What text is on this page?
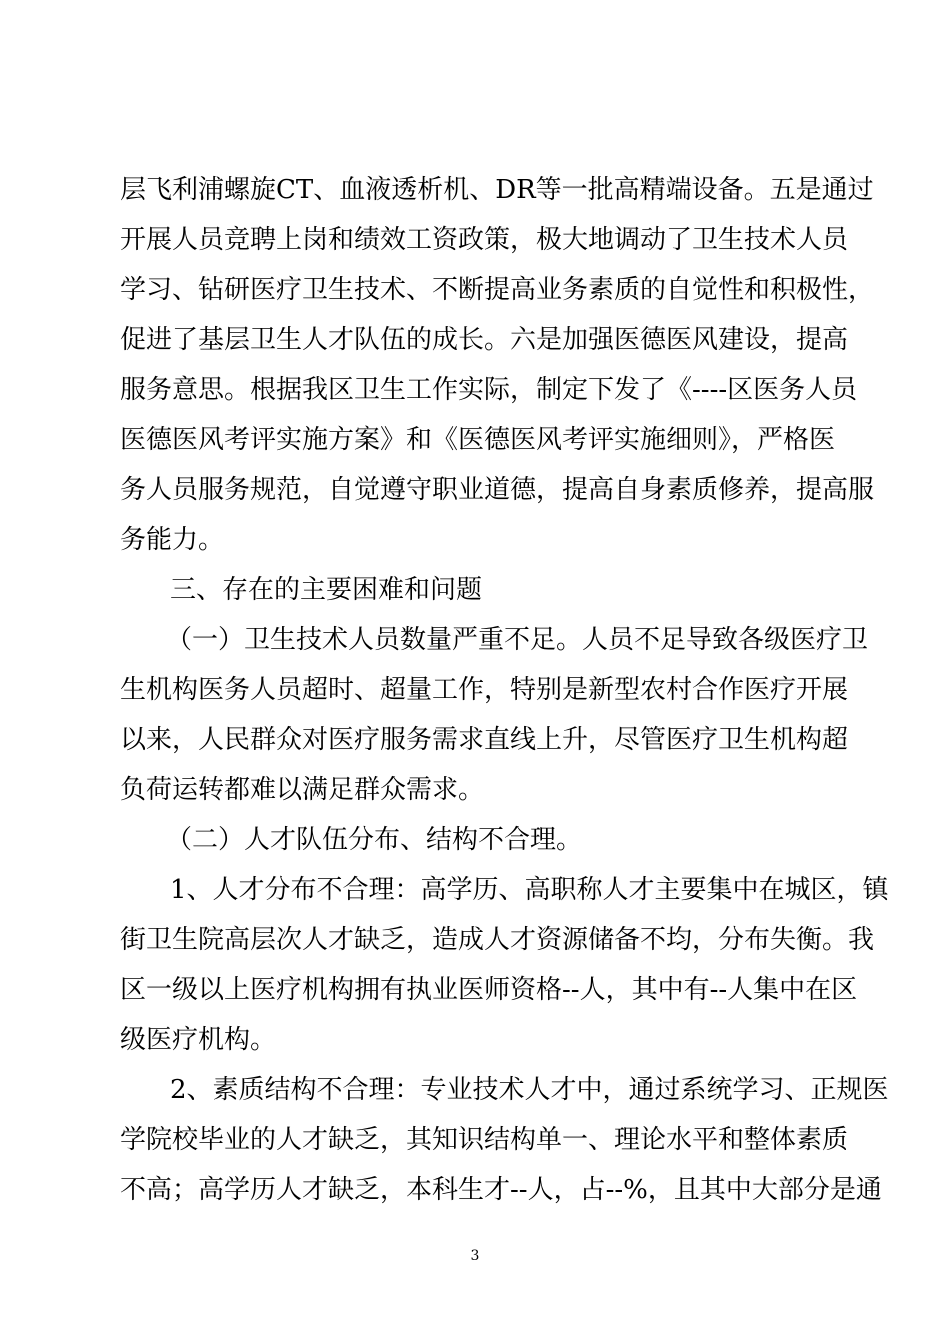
层飞利浦螺旋CT、血液透析机、DR等一批高精端设备。五是通过
开展人员竞聘上岗和绩效工资政策，极大地调动了卫生技术人员
学习、钻研医疗卫生技术、不断提高业务素质的自觉性和积极性，
促进了基层卫生人才队伍的成长。六是加强医德医风建设，提高
服务意思。根据我区卫生工作实际，制定下发了《----区医务人员
医德医风考评实施方案》和《医德医风考评实施细则》，严格医
务人员服务规范，自觉遵守职业道德，提高自身素质修养，提高服
务能力。
三、存在的主要困难和问题
（一）卫生技术人员数量严重不足。人员不足导致各级医疗卫
生机构医务人员超时、超量工作，特别是新型农村合作医疗开展
以来，人民群众对医疗服务需求直线上升，尽管医疗卫生机构超
负荷运转都难以满足群众需求。
（二）人才队伍分布、结构不合理。
1、人才分布不合理：高学历、高职称人才主要集中在城区，镇
街卫生院高层次人才缺乏，造成人才资源储备不均，分布失衡。我
区一级以上医疗机构拥有执业医师资格--人，其中有--人集中在区
级医疗机构。
2、素质结构不合理：专业技术人才中，通过系统学习、正规医
学院校毕业的人才缺乏，其知识结构单一、理论水平和整体素质
不高；高学历人才缺乏，本科生才--人，占--%，且其中大部分是通
3
